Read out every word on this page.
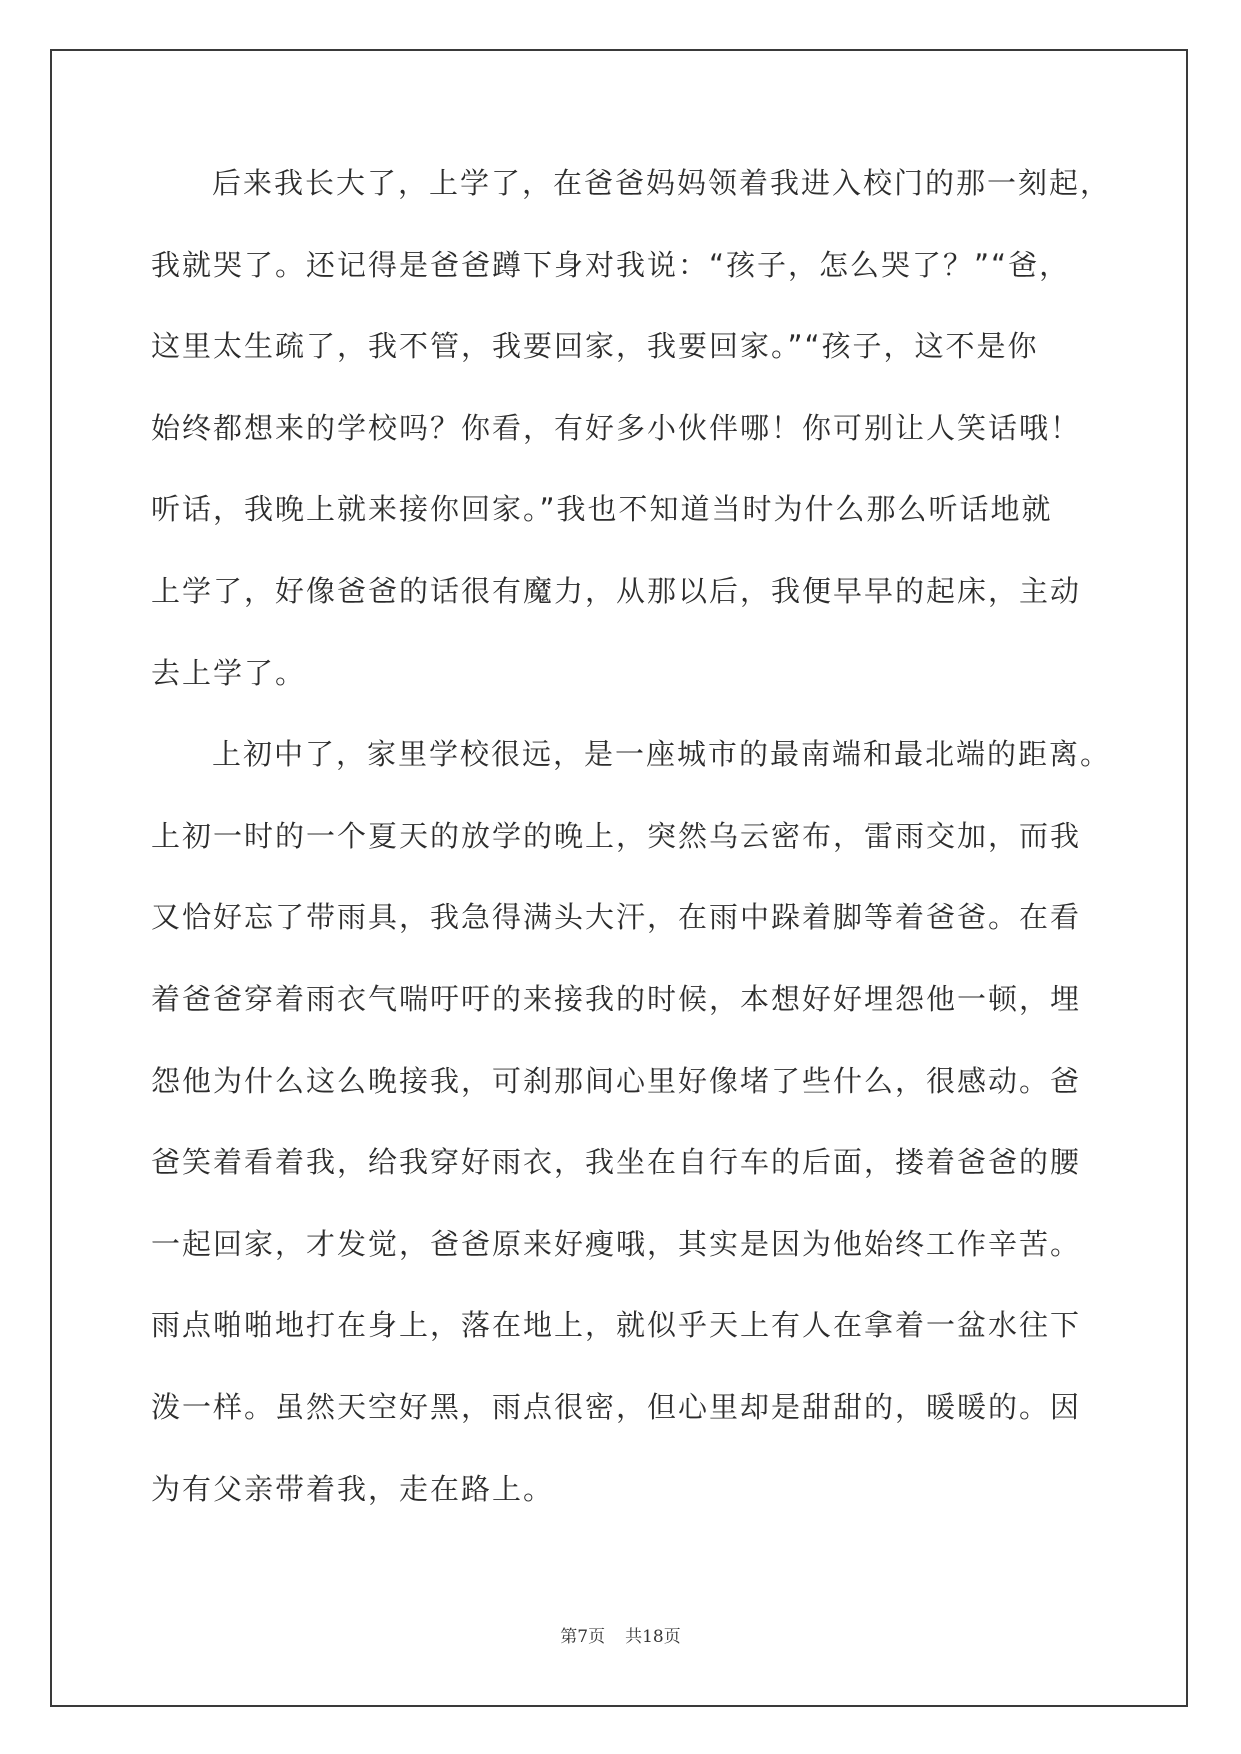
后来我长大了，上学了，在爸爸妈妈领着我进入校门的那一刻起，
我就哭了。还记得是爸爸蹲下身对我说：“孩子，怎么哭了？”“爸，
这里太生疏了，我不管，我要回家，我要回家。”“孩子，这不是你
始终都想来的学校吗？你看，有好多小伙伴哪！你可别让人笑话哦！
听话，我晚上就来接你回家。”我也不知道当时为什么那么听话地就
上学了，好像爸爸的话很有魔力，从那以后，我便早早的起床，主动
去上学了。
上初中了，家里学校很远，是一座城市的最南端和最北端的距离。
上初一时的一个夏天的放学的晚上，突然乌云密布，雷雨交加，而我
又恰好忘了带雨具，我急得满头大汗，在雨中跺着脚等着爸爸。在看
着爸爸穿着雨衣气喘吁吁的来接我的时候，本想好好埋怨他一顿，埋
怨他为什么这么晚接我，可刹那间心里好像堵了些什么，很感动。爸
爸笑着看着我，给我穿好雨衣，我坐在自行车的后面，搂着爸爸的腰
一起回家，才发觉，爸爸原来好瘦哦，其实是因为他始终工作辛苦。
雨点啪啪地打在身上，落在地上，就似乎天上有人在拿着一盆水往下
泼一样。虽然天空好黑，雨点很密，但心里却是甜甜的，暖暖的。因
为有父亲带着我，走在路上。
第7页 共18页
